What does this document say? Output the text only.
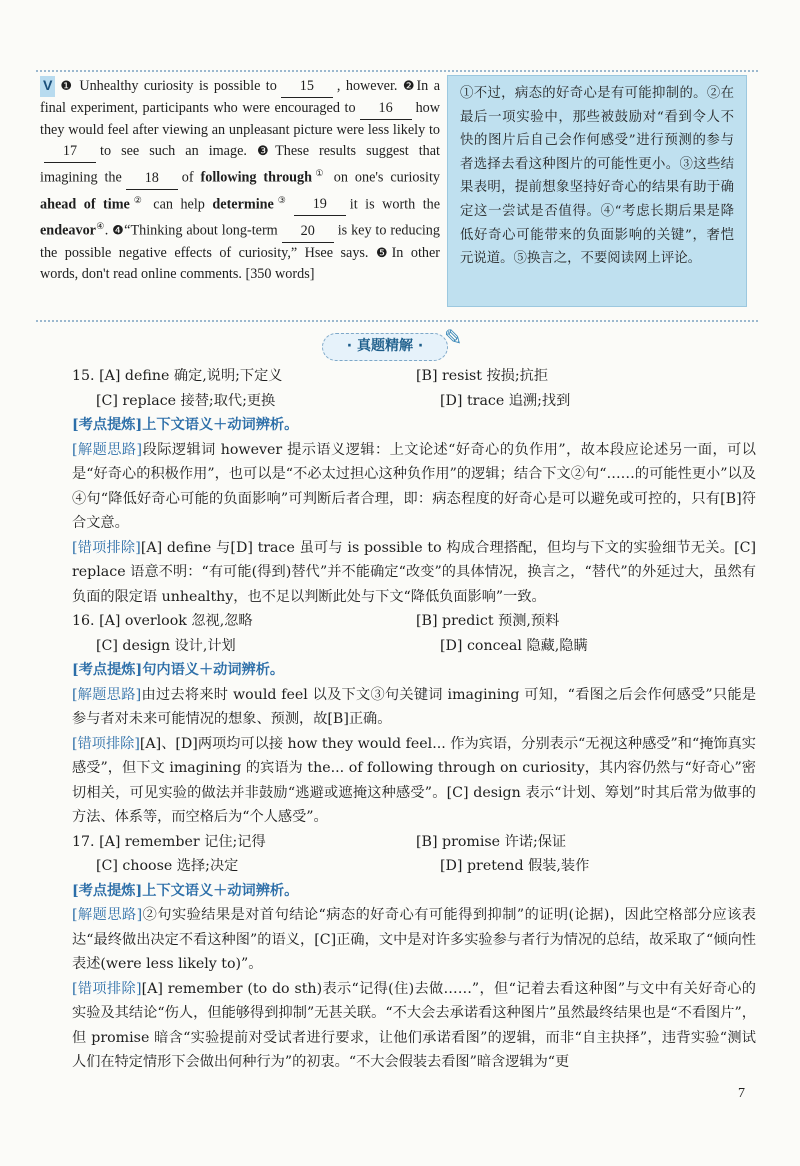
V ❶ Unhealthy curiosity is possible to 15 , however. ❷In a final experiment, participants who were encouraged to 16 how they would feel after viewing an unpleasant picture were less likely to17 to see such an image. ❸These results suggest that imagining the 18 of following through① on one's curiosity ahead of time② can help determine③ 19 it is worth the endeavor④. ❹“Thinking about long-term 20 is key to reducing the possible negative effects of curiosity,” Hsee says. ❺In other words, don't read online comments. [350 words]
①不过，病态的好奇心是有可能抑制的。②在最后一项实验中，那些被鼓励对“看到令人不快的图片后自己会作何感受”进行预测的参与者选择去看这种图片的可能性更小。③这些结果表明，提前想象坚持好奇心的结果有助于确定这一尝试是否值得。④“考虑长期后果是降低好奇心可能带来的负面影响的关键”，奢恺元说道。⑤换言之，不要阅读网上评论。
· 真题精解 · ✎
15. [A] define 确定,说明;下定义	[B] resist 按损;抗拒
[C] replace 接替;取代;更换	[D] trace 追溯;找到

[考点提炼]上下文语义＋动词辨析。

[解题思路]段际逻辑词 however 提示语义逻辑：上文论述“好奇心的负作用”，故本段应论述另一面，可以是“好奇心的积极作用”，也可以是“不必太过担心这种负作用”的逻辑；结合下文②句“……的可能性更小”以及④句“降低好奇心可能的负面影响”可判断后者合理，即：病态程度的好奇心是可以避免或可控的，只有[B]符合文意。

[错项排除][A] define 与[D] trace 虽可与 is possible to 构成合理搭配，但均与下文的实验细节无关。[C] replace 语意不明：“有可能(得到)替代”并不能确定“改变”的具体情况，换言之，“替代”的外延过大，虽然有负面的限定语 unhealthy，也不足以判断此处与下文“降低负面影响”一致。

16. [A] overlook 忽视,忽略	[B] predict 预测,预料
[C] design 设计,计划	[D] conceal 隐藏,隐瞒

[考点提炼]句内语义＋动词辨析。

[解题思路]由过去将来时 would feel 以及下文③句关键词 imagining 可知，“看图之后会作何感受”只能是参与者对未来可能情况的想象、预测，故[B]正确。

[错项排除][A]、[D]两项均可以接 how they would feel... 作为宾语，分别表示“无视这种感受”和“掩饰真实感受”，但下文 imagining 的宾语为 the... of following through on curiosity，其内容仍然与“好奇心”密切相关，可见实验的做法并非鼓励“逃避或遮掩这种感受”。[C] design 表示“计划、筹划”时其后常为做事的方法、体系等，而空格后为“个人感受”。

17. [A] remember 记住;记得	[B] promise 许诺;保证
[C] choose 选择;决定	[D] pretend 假装,装作

[考点提炼]上下文语义＋动词辨析。

[解题思路]②句实验结果是对首句结论“病态的好奇心有可能得到抑制”的证明(论据)，因此空格部分应该表达“最终做出决定不看这种图”的语义，[C]正确，文中是对许多实验参与者行为情况的总结，故采取了“倾向性表述(were less likely to)”。

[错项排除][A] remember (to do sth)表示“记得(住)去做……”，但“记着去看这种图”与文中有关好奇心的实验及其结论“伤人，但能够得到抑制”无甚关联。“不大会去承诺看这种图片”虽然最终结果也是“不看图片”，但 promise 暗含“实验提前对受试者进行要求，让他们承诺看图”的逻辑，而非“自主抉择”，违背实验“测试人们在特定情形下会做出何种行为”的初衷。“不大会假装去看图”暗含逻辑为“更

7
